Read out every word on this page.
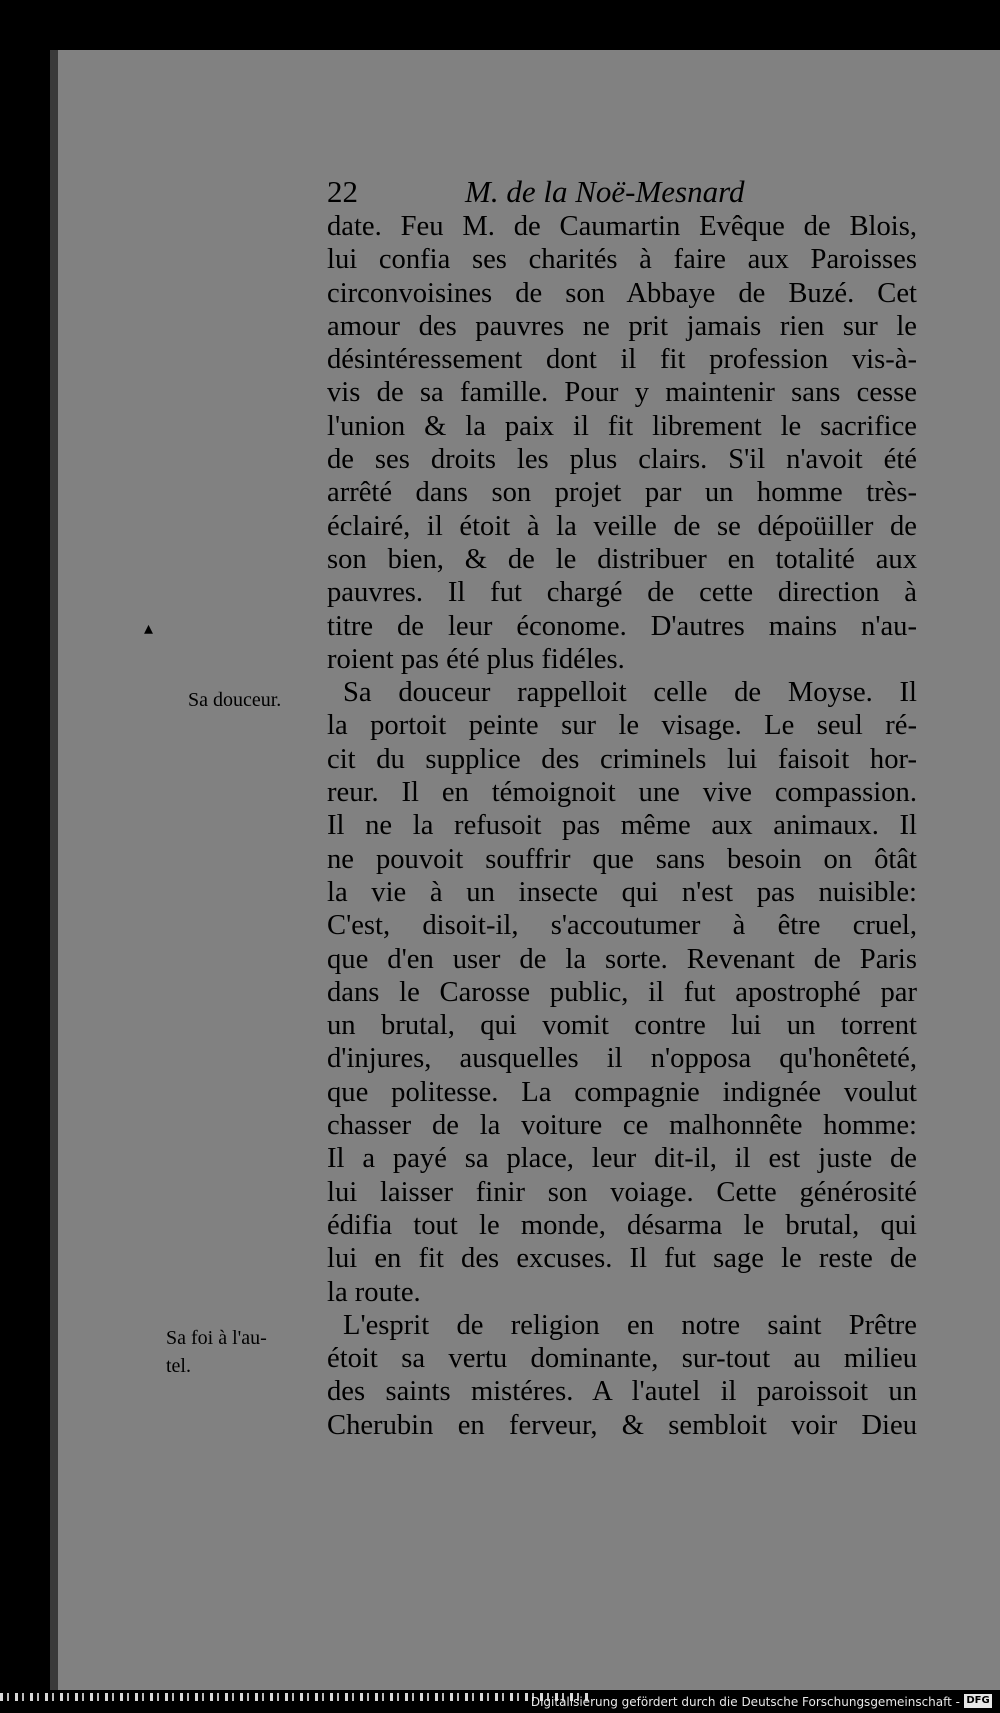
22	M. de la Noë-Mesnard
date. Feu M. de Caumartin Evêque de Blois,
lui confia ses charités à faire aux Paroisses
circonvoisines de son Abbaye de Buzé. Cet
amour des pauvres ne prit jamais rien sur le
désintéressement dont il fit profession vis-à-
vis de sa famille. Pour y maintenir sans cesse
l'union & la paix il fit librement le sacrifice
de ses droits les plus clairs. S'il n'avoit été
arrêté dans son projet par un homme très-
éclairé, il étoit à la veille de se dépoüiller de
son bien, & de le distribuer en totalité aux
pauvres. Il fut chargé de cette direction à
titre de leur économe. D'autres mains n'au-
roient pas été plus fidéles.
Sa douceur rappelloit celle de Moyse. Il
la portoit peinte sur le visage. Le seul ré-
cit du supplice des criminels lui faisoit hor-
reur. Il en témoignoit une vive compassion.
Il ne la refusoit pas même aux animaux. Il
ne pouvoit souffrir que sans besoin on ôtât
la vie à un insecte qui n'est pas nuisible:
C'est, disoit-il, s'accoutumer à être cruel,
que d'en user de la sorte. Revenant de Paris
dans le Carosse public, il fut apostrophé par
un brutal, qui vomit contre lui un torrent
d'injures, ausquelles il n'opposa qu'honêteté,
que politesse. La compagnie indignée voulut
chasser de la voiture ce malhonnête homme:
Il a payé sa place, leur dit-il, il est juste de
lui laisser finir son voiage. Cette générosité
édifia tout le monde, désarma le brutal, qui
lui en fit des excuses. Il fut sage le reste de
la route.
L'esprit de religion en notre saint Prêtre
étoit sa vertu dominante, sur-tout au milieu
des saints mistéres. A l'autel il paroissoit un
Cherubin en ferveur, & sembloit voir Dieu
Sa douceur.
Sa foi à l'au-
tel.
▴
Digitalisierung gefördert durch die Deutsche Forschungsgemeinschaft - DFG
